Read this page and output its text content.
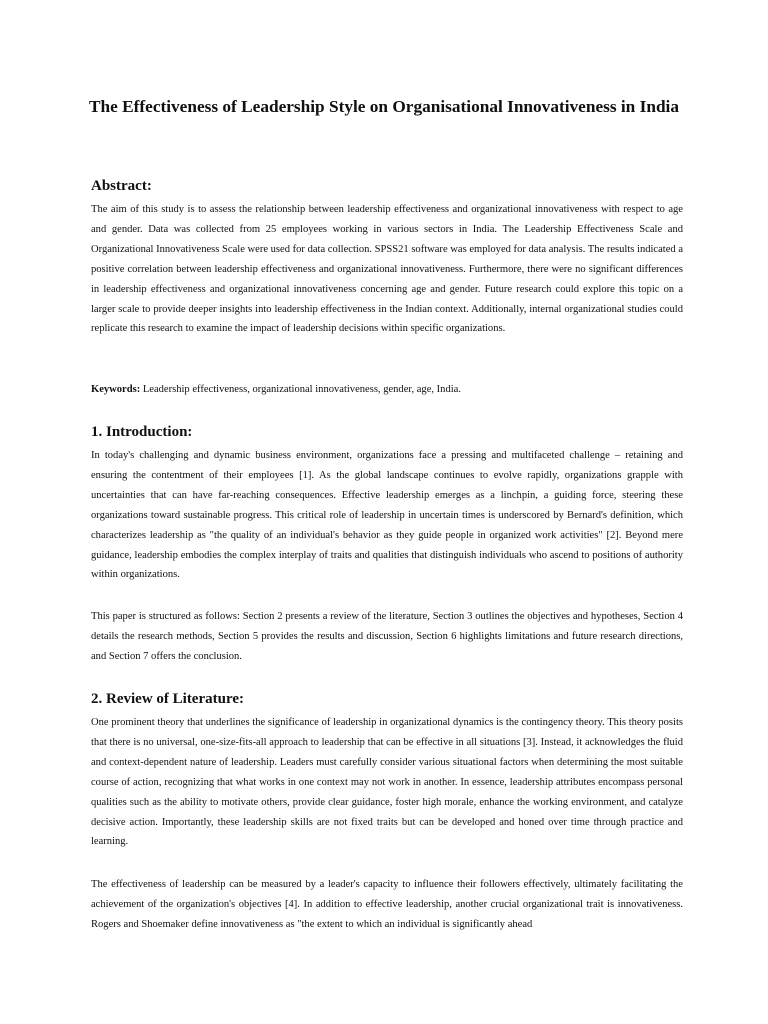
The Effectiveness of Leadership Style on Organisational Innovativeness in India
Abstract:

The aim of this study is to assess the relationship between leadership effectiveness and organizational innovativeness with respect to age and gender. Data was collected from 25 employees working in various sectors in India. The Leadership Effectiveness Scale and Organizational Innovativeness Scale were used for data collection. SPSS21 software was employed for data analysis. The results indicated a positive correlation between leadership effectiveness and organizational innovativeness. Furthermore, there were no significant differences in leadership effectiveness and organizational innovativeness concerning age and gender. Future research could explore this topic on a larger scale to provide deeper insights into leadership effectiveness in the Indian context. Additionally, internal organizational studies could replicate this research to examine the impact of leadership decisions within specific organizations.

Keywords: Leadership effectiveness, organizational innovativeness, gender, age, India.

1. Introduction:

In today's challenging and dynamic business environment, organizations face a pressing and multifaceted challenge – retaining and ensuring the contentment of their employees [1]. As the global landscape continues to evolve rapidly, organizations grapple with uncertainties that can have far-reaching consequences. Effective leadership emerges as a linchpin, a guiding force, steering these organizations toward sustainable progress. This critical role of leadership in uncertain times is underscored by Bernard's definition, which characterizes leadership as "the quality of an individual's behavior as they guide people in organized work activities" [2]. Beyond mere guidance, leadership embodies the complex interplay of traits and qualities that distinguish individuals who ascend to positions of authority within organizations.

This paper is structured as follows: Section 2 presents a review of the literature, Section 3 outlines the objectives and hypotheses, Section 4 details the research methods, Section 5 provides the results and discussion, Section 6 highlights limitations and future research directions, and Section 7 offers the conclusion.

2. Review of Literature:

One prominent theory that underlines the significance of leadership in organizational dynamics is the contingency theory. This theory posits that there is no universal, one-size-fits-all approach to leadership that can be effective in all situations [3]. Instead, it acknowledges the fluid and context-dependent nature of leadership. Leaders must carefully consider various situational factors when determining the most suitable course of action, recognizing that what works in one context may not work in another. In essence, leadership attributes encompass personal qualities such as the ability to motivate others, provide clear guidance, foster high morale, enhance the working environment, and catalyze decisive action. Importantly, these leadership skills are not fixed traits but can be developed and honed over time through practice and learning.

The effectiveness of leadership can be measured by a leader's capacity to influence their followers effectively, ultimately facilitating the achievement of the organization's objectives [4]. In addition to effective leadership, another crucial organizational trait is innovativeness. Rogers and Shoemaker define innovativeness as "the extent to which an individual is significantly ahead
